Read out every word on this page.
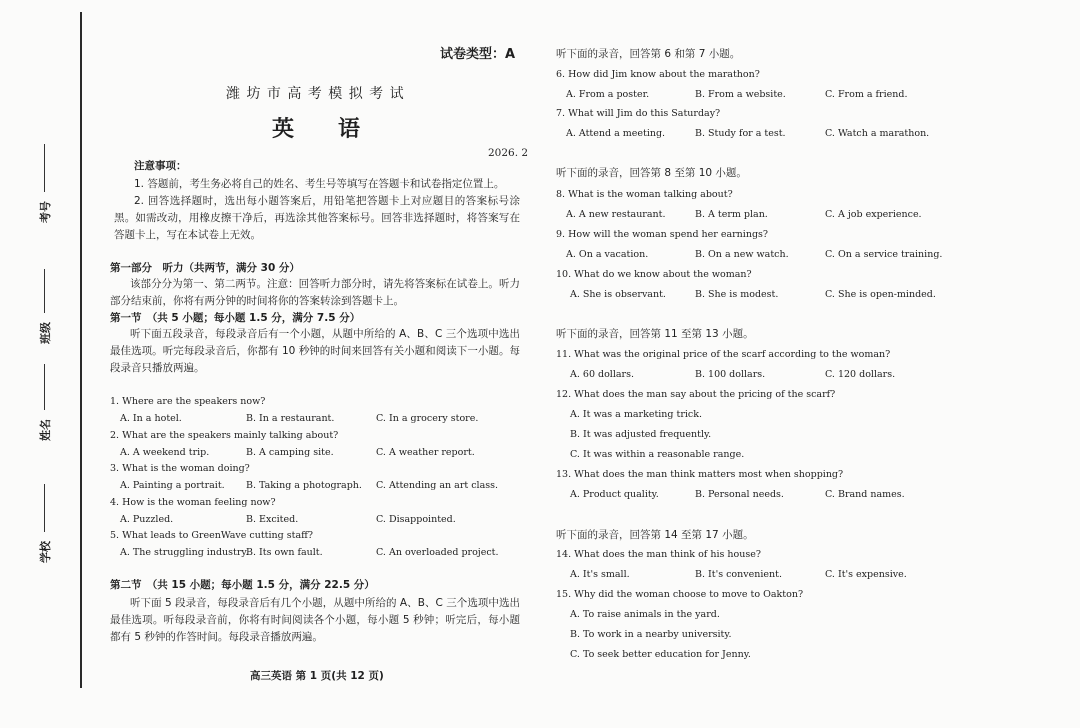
考号
班级
姓名
学校
试卷类型：A
潍 坊 市 高 考 模 拟 考 试
英　　语
2026. 2
注意事项：
1. 答题前，考生务必将自己的姓名、考生号等填写在答题卡和试卷指定位置上。
2. 回答选择题时，选出每小题答案后，用铅笔把答题卡上对应题目的答案标号涂黑。如需改动，用橡皮擦干净后，再选涂其他答案标号。回答非选择题时，将答案写在答题卡上，写在本试卷上无效。
第一部分　听力（共两节，满分 30 分）
该部分分为第一、第二两节。注意：回答听力部分时，请先将答案标在试卷上。听力部分结束前，你将有两分钟的时间将你的答案转涂到答题卡上。
第一节　（共 5 小题；每小题 1.5 分，满分 7.5 分）
听下面五段录音，每段录音后有一个小题，从题中所给的 A、B、C 三个选项中选出最佳选项。听完每段录音后，你都有 10 秒钟的时间来回答有关小题和阅读下一小题。每段录音只播放两遍。
1. Where are the speakers now?
A. In a hotel.	B. In a restaurant.	C. In a grocery store.
2. What are the speakers mainly talking about?
A. A weekend trip.	B. A camping site.	C. A weather report.
3. What is the woman doing?
A. Painting a portrait. B. Taking a photograph. C. Attending an art class.
4. How is the woman feeling now?
A. Puzzled.	B. Excited.	C. Disappointed.
5. What leads to GreenWave cutting staff?
A. The struggling industry.
B. Its own fault.	C. An overloaded project.
第二节　（共 15 小题；每小题 1.5 分，满分 22.5 分）
听下面 5 段录音，每段录音后有几个小题，从题中所给的 A、B、C 三个选项中选出最佳选项。听每段录音前，你将有时间阅读各个小题，每小题 5 秒钟；听完后，每小题都有 5 秒钟的作答时间。每段录音播放两遍。
高三英语 第 1 页(共 12 页)
听下面的录音，回答第 6 和第 7 小题。
6. How did Jim know about the marathon?
A. From a poster.	B. From a website.	C. From a friend.
7. What will Jim do this Saturday?
A. Attend a meeting.	B. Study for a test.	C. Watch a marathon.
听下面的录音，回答第 8 至第 10 小题。
8. What is the woman talking about?
A. A new restaurant.	B. A term plan.	C. A job experience.
9. How will the woman spend her earnings?
A. On a vacation.	B. On a new watch.	C. On a service training.
10. What do we know about the woman?
A. She is observant.	B. She is modest.	C. She is open-minded.
听下面的录音，回答第 11 至第 13 小题。
11. What was the original price of the scarf according to the woman?
A. 60 dollars.	B. 100 dollars.	C. 120 dollars.
12. What does the man say about the pricing of the scarf?
A. It was a marketing trick.
B. It was adjusted frequently.
C. It was within a reasonable range.
13. What does the man think matters most when shopping?
A. Product quality.	B. Personal needs.	C. Brand names.
听下面的录音，回答第 14 至第 17 小题。
14. What does the man think of his house?
A. It's small.	B. It's convenient.	C. It's expensive.
15. Why did the woman choose to move to Oakton?
A. To raise animals in the yard.
B. To work in a nearby university.
C. To seek better education for Jenny.
